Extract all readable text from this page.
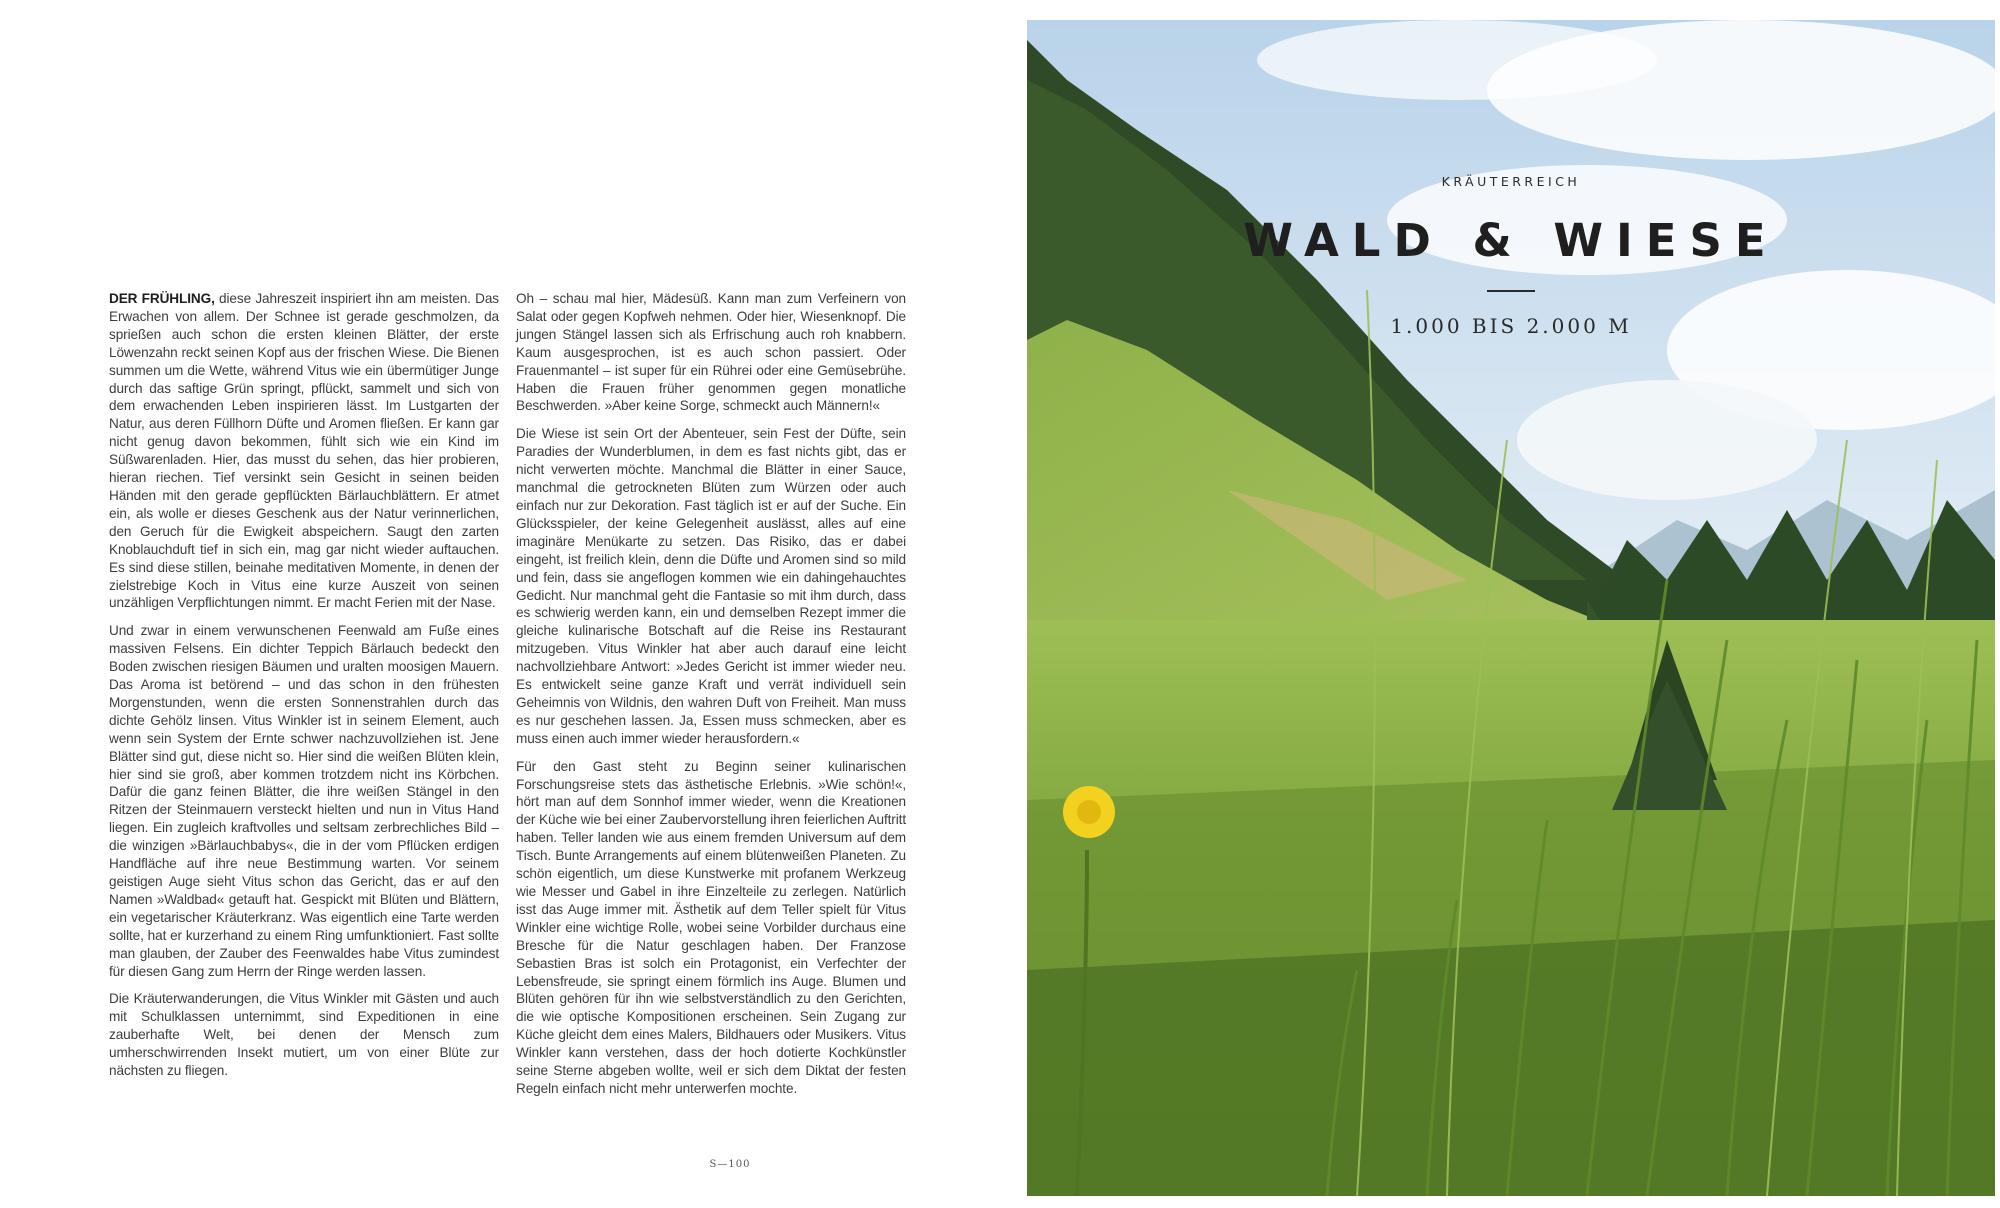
DER FRÜHLING, diese Jahreszeit inspiriert ihn am meisten. Das Erwachen von allem. Der Schnee ist gerade geschmolzen, da sprießen auch schon die ersten kleinen Blätter, der erste Löwenzahn reckt seinen Kopf aus der frischen Wiese. Die Bienen summen um die Wette, während Vitus wie ein übermütiger Junge durch das saftige Grün springt, pflückt, sammelt und sich von dem erwachenden Leben inspirieren lässt. Im Lustgarten der Natur, aus deren Füllhorn Düfte und Aromen fließen. Er kann gar nicht genug davon bekommen, fühlt sich wie ein Kind im Süßwarenladen. Hier, das musst du sehen, das hier probieren, hieran riechen. Tief versinkt sein Gesicht in seinen beiden Händen mit den gerade gepflückten Bärlauchblättern. Er atmet ein, als wolle er dieses Geschenk aus der Natur verinnerlichen, den Geruch für die Ewigkeit abspeichern. Saugt den zarten Knoblauchduft tief in sich ein, mag gar nicht wieder auftauchen. Es sind diese stillen, beinahe meditativen Momente, in denen der zielstrebige Koch in Vitus eine kurze Auszeit von seinen unzähligen Verpflichtungen nimmt. Er macht Ferien mit der Nase.

Und zwar in einem verwunschenen Feenwald am Fuße eines massiven Felsens. Ein dichter Teppich Bärlauch bedeckt den Boden zwischen riesigen Bäumen und uralten moosigen Mauern. Das Aroma ist betörend – und das schon in den frühesten Morgenstunden, wenn die ersten Sonnenstrahlen durch das dichte Gehölz linsen. Vitus Winkler ist in seinem Element, auch wenn sein System der Ernte schwer nachzuvollziehen ist. Jene Blätter sind gut, diese nicht so. Hier sind die weißen Blüten klein, hier sind sie groß, aber kommen trotzdem nicht ins Körbchen. Dafür die ganz feinen Blätter, die ihre weißen Stängel in den Ritzen der Steinmauern versteckt hielten und nun in Vitus Hand liegen. Ein zugleich kraftvolles und seltsam zerbrechliches Bild – die winzigen »Bärlauchbabys«, die in der vom Pflücken erdigen Handfläche auf ihre neue Bestimmung warten. Vor seinem geistigen Auge sieht Vitus schon das Gericht, das er auf den Namen »Waldbad« getauft hat. Gespickt mit Blüten und Blättern, ein vegetarischer Kräuterkranz. Was eigentlich eine Tarte werden sollte, hat er kurzerhand zu einem Ring umfunktioniert. Fast sollte man glauben, der Zauber des Feenwaldes habe Vitus zumindest für diesen Gang zum Herrn der Ringe werden lassen.

Die Kräuterwanderungen, die Vitus Winkler mit Gästen und auch mit Schulklassen unternimmt, sind Expeditionen in eine zauberhafte Welt, bei denen der Mensch zum umherschwirrenden Insekt mutiert, um von einer Blüte zur nächsten zu fliegen.

Oh – schau mal hier, Mädesüß. Kann man zum Verfeinern von Salat oder gegen Kopfweh nehmen. Oder hier, Wiesenknopf. Die jungen Stängel lassen sich als Erfrischung auch roh knabbern. Kaum ausgesprochen, ist es auch schon passiert. Oder Frauenmantel – ist super für ein Rührei oder eine Gemüsebrühe. Haben die Frauen früher genommen gegen monatliche Beschwerden. »Aber keine Sorge, schmeckt auch Männern!«

Die Wiese ist sein Ort der Abenteuer, sein Fest der Düfte, sein Paradies der Wunderblumen, in dem es fast nichts gibt, das er nicht verwerten möchte. Manchmal die Blätter in einer Sauce, manchmal die getrockneten Blüten zum Würzen oder auch einfach nur zur Dekoration. Fast täglich ist er auf der Suche. Ein Glücksspieler, der keine Gelegenheit auslässt, alles auf eine imaginäre Menükarte zu setzen. Das Risiko, das er dabei eingeht, ist freilich klein, denn die Düfte und Aromen sind so mild und fein, dass sie angeflogen kommen wie ein dahingehauchtes Gedicht. Nur manchmal geht die Fantasie so mit ihm durch, dass es schwierig werden kann, ein und demselben Rezept immer die gleiche kulinarische Botschaft auf die Reise ins Restaurant mitzugeben. Vitus Winkler hat aber auch darauf eine leicht nachvollziehbare Antwort: »Jedes Gericht ist immer wieder neu. Es entwickelt seine ganze Kraft und verrät individuell sein Geheimnis von Wildnis, den wahren Duft von Freiheit. Man muss es nur geschehen lassen. Ja, Essen muss schmecken, aber es muss einen auch immer wieder herausfordern.«

Für den Gast steht zu Beginn seiner kulinarischen Forschungsreise stets das ästhetische Erlebnis. »Wie schön!«, hört man auf dem Sonnhof immer wieder, wenn die Kreationen der Küche wie bei einer Zaubervorstellung ihren feierlichen Auftritt haben. Teller landen wie aus einem fremden Universum auf dem Tisch. Bunte Arrangements auf einem blütenweißen Planeten. Zu schön eigentlich, um diese Kunstwerke mit profanem Werkzeug wie Messer und Gabel in ihre Einzelteile zu zerlegen. Natürlich isst das Auge immer mit. Ästhetik auf dem Teller spielt für Vitus Winkler eine wichtige Rolle, wobei seine Vorbilder durchaus eine Bresche für die Natur geschlagen haben. Der Franzose Sebastien Bras ist solch ein Protagonist, ein Verfechter der Lebensfreude, sie springt einem förmlich ins Auge. Blumen und Blüten gehören für ihn wie selbstverständlich zu den Gerichten, die wie optische Kompositionen erscheinen. Sein Zugang zur Küche gleicht dem eines Malers, Bildhauers oder Musikers. Vitus Winkler kann verstehen, dass der hoch dotierte Kochkünstler seine Sterne abgeben wollte, weil er sich dem Diktat der festen Regeln einfach nicht mehr unterwerfen mochte.

S—100
KRÄUTERREICH
WALD & WIESE
1.000 BIS 2.000 M
